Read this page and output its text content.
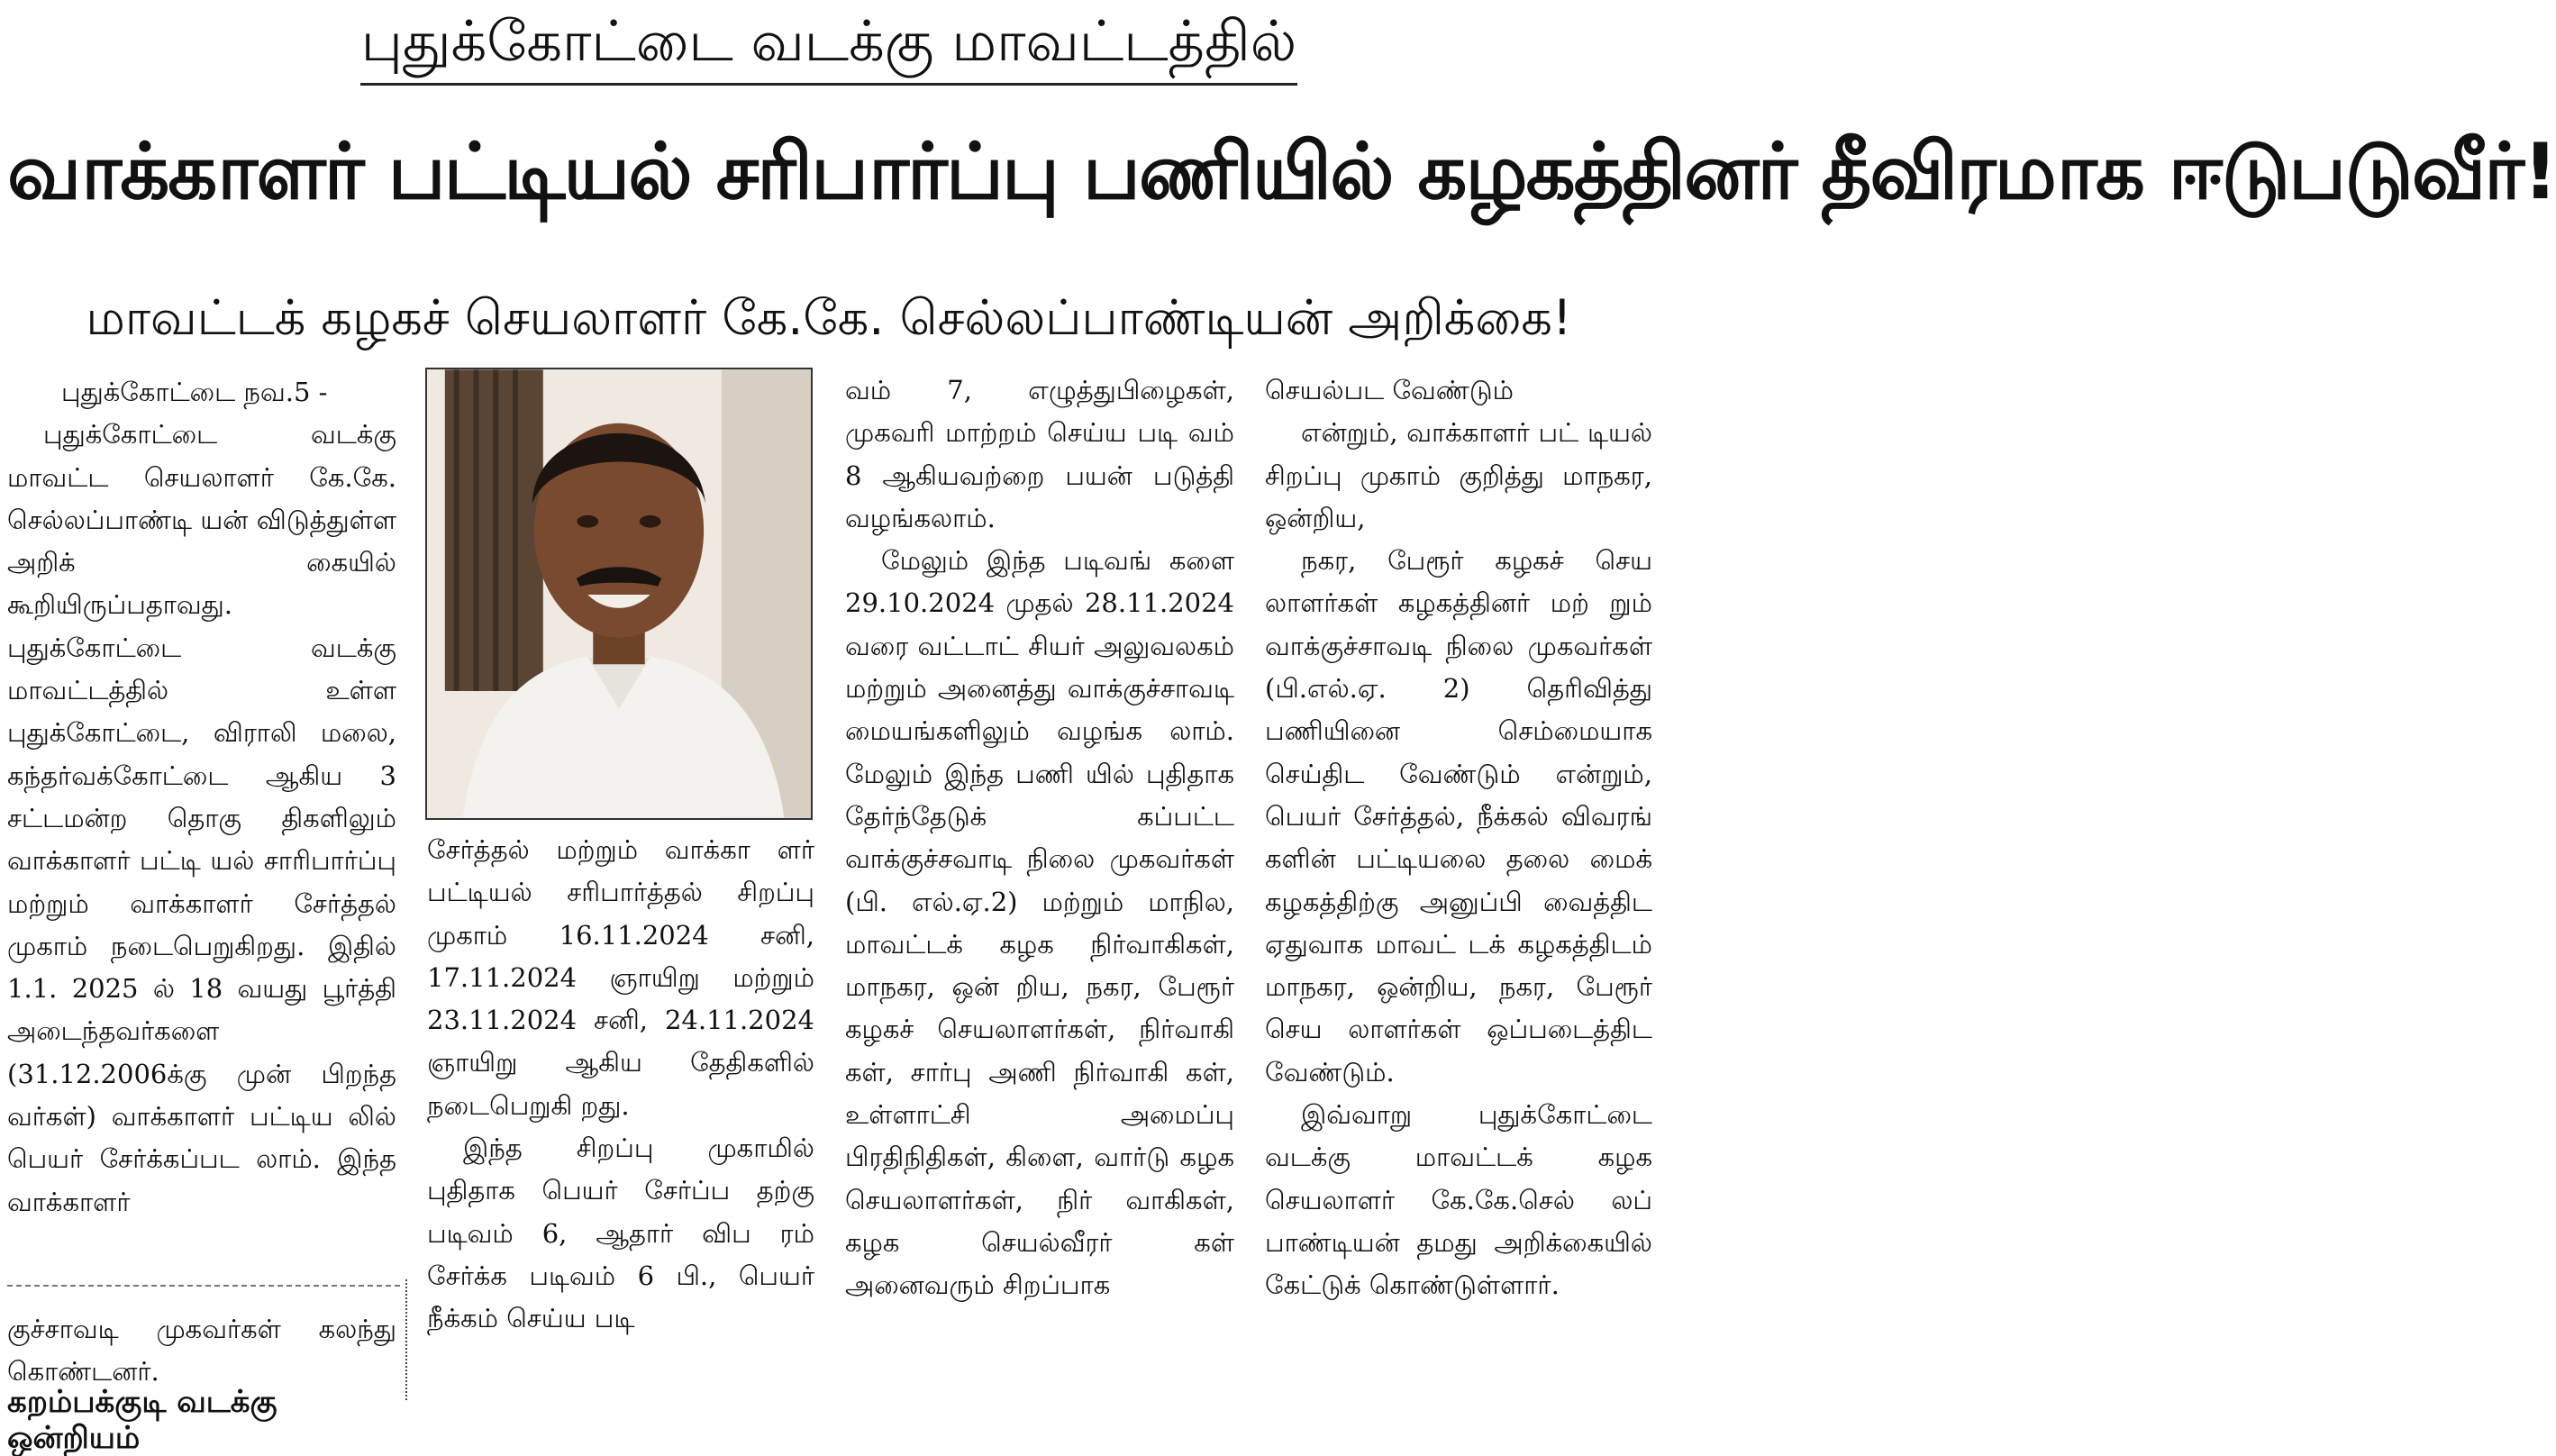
புதுக்கோட்டை வடக்கு மாவட்டத்தில்
வாக்காளர் பட்டியல் சரிபார்ப்பு பணியில் கழகத்தினர் தீவிரமாக ஈடுபடுவீர்!
மாவட்டக் கழகச் செயலாளர் கே.கே. செல்லப்பாண்டியன் அறிக்கை!

புதுக்கோட்டை நவ.5 -

புதுக்கோட்டை வடக்கு மாவட்ட செயலாளர் கே.கே. செல்லப்பாண்டி யன் விடுத்துள்ள அறிக் கையில் கூறியிருப்பதாவது. புதுக்கோட்டை வடக்கு மாவட்டத்தில் உள்ள புதுக்கோட்டை, விராலி மலை, கந்தர்வக்கோட்டை ஆகிய 3 சட்டமன்ற தொகு திகளிலும் வாக்காளர் பட்டி யல் சாரிபார்ப்பு மற்றும் வாக்காளர் சேர்த்தல் முகாம் நடைபெறுகிறது. இதில் 1.1. 2025 ல் 18 வயது பூர்த்தி அடைந்தவர்களை (31.12.2006க்கு முன் பிறந்த வர்கள்) வாக்காளர் பட்டிய லில் பெயர் சேர்க்கப்பட லாம். இந்த வாக்காளர்

குச்சாவடி முகவர்கள் கலந்து கொண்டனர்.

கறம்பக்குடி வடக்கு ஒன்றியம்

சேர்த்தல் மற்றும் வாக்கா ளர் பட்டியல் சரிபார்த்தல் சிறப்பு முகாம் 16.11.2024 சனி, 17.11.2024 ஞாயிறு மற்றும் 23.11.2024 சனி, 24.11.2024 ஞாயிறு ஆகிய தேதிகளில் நடைபெறுகி றது.

இந்த சிறப்பு முகாமில் புதிதாக பெயர் சேர்ப்ப தற்கு படிவம் 6, ஆதார் விப ரம் சேர்க்க படிவம் 6 பி., பெயர் நீக்கம் செய்ய படி

வம் 7, எழுத்துபிழைகள், முகவரி மாற்றம் செய்ய படி வம் 8 ஆகியவற்றை பயன் படுத்தி வழங்கலாம்.

மேலும் இந்த படிவங் களை 29.10.2024 முதல் 28.11.2024 வரை வட்டாட் சியர் அலுவலகம் மற்றும் அனைத்து வாக்குச்சாவடி மையங்களிலும் வழங்க லாம். மேலும் இந்த பணி யில் புதிதாக தேர்ந்தேடுக் கப்பட்ட வாக்குச்சவாடி நிலை முகவர்கள் (பி. எல்.ஏ.2) மற்றும் மாநில, மாவட்டக் கழக நிர்வாகிகள், மாநகர, ஒன் றிய, நகர, பேரூர் கழகச் செயலாளர்கள், நிர்வாகி கள், சார்பு அணி நிர்வாகி கள், உள்ளாட்சி அமைப்பு பிரதிநிதிகள், கிளை, வார்டு கழக செயலாளர்கள், நிர் வாகிகள், கழக செயல்வீரர் கள் அனைவரும் சிறப்பாக

செயல்பட வேண்டும்

என்றும், வாக்காளர் பட் டியல் சிறப்பு முகாம் குறித்து மாநகர, ஒன்றிய,

நகர, பேரூர் கழகச் செய லாளர்கள் கழகத்தினர் மற் றும் வாக்குச்சாவடி நிலை முகவர்கள் (பி.எல்.ஏ. 2) தெரிவித்து பணியினை செம்மையாக செய்திட வேண்டும் என்றும், பெயர் சேர்த்தல், நீக்கல் விவரங் களின் பட்டியலை தலை மைக் கழகத்திற்கு அனுப்பி வைத்திட ஏதுவாக மாவட் டக் கழகத்திடம் மாநகர, ஒன்றிய, நகர, பேரூர் செய லாளர்கள் ஒப்படைத்திட வேண்டும்.

இவ்வாறு புதுக்கோட்டை வடக்கு மாவட்டக் கழக செயலாளர் கே.கே.செல் லப் பாண்டியன் தமது அறிக்கையில் கேட்டுக் கொண்டுள்ளார்.
